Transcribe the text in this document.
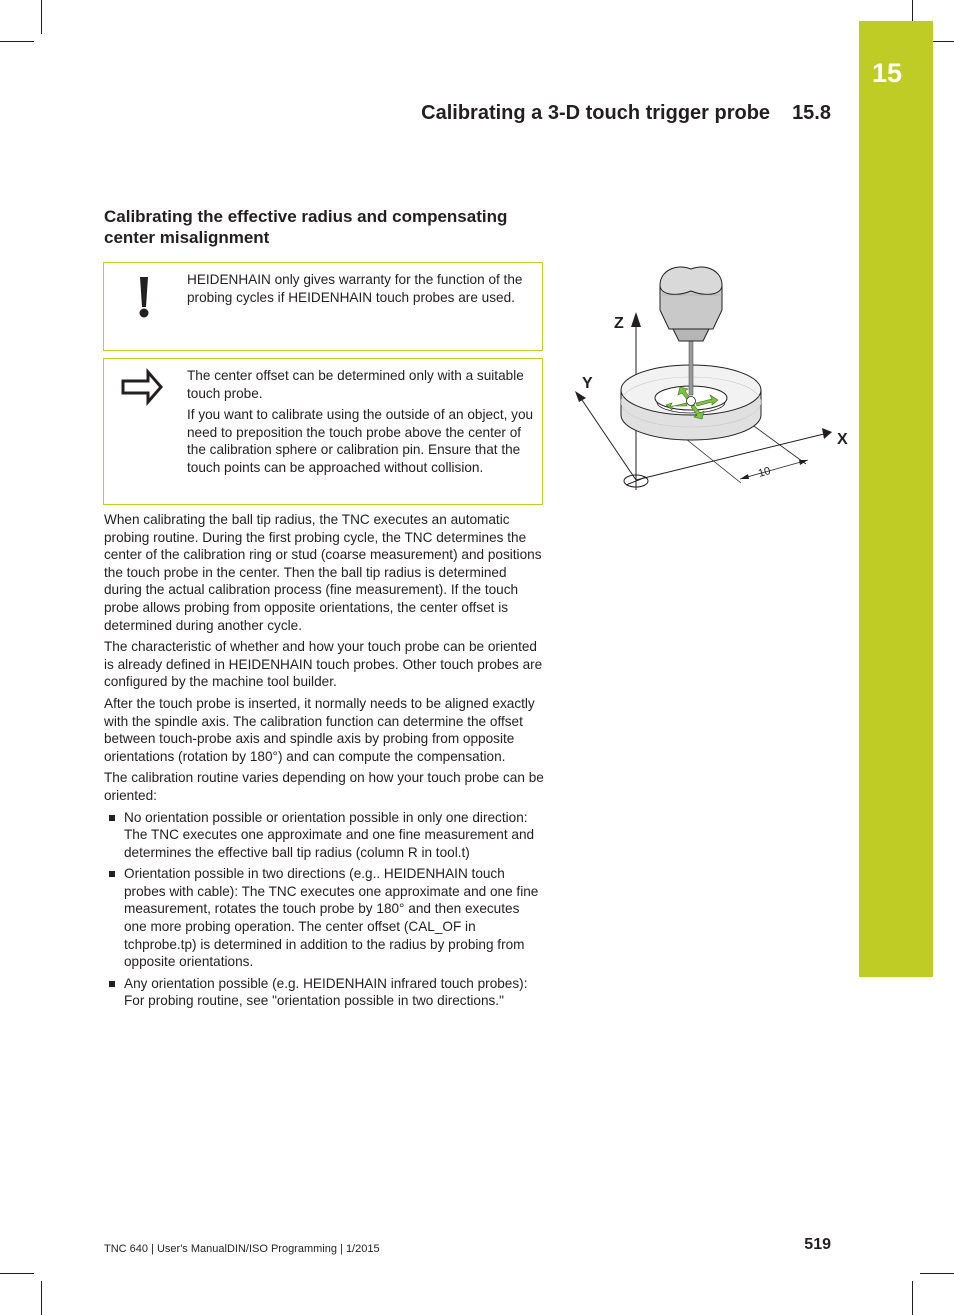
15
Calibrating a 3-D touch trigger probe 15.8
Calibrating the effective radius and compensating center misalignment
HEIDENHAIN only gives warranty for the function of the probing cycles if HEIDENHAIN touch probes are used.

The center offset can be determined only with a suitable touch probe.

If you want to calibrate using the outside of an object, you need to preposition the touch probe above the center of the calibration sphere or calibration pin. Ensure that the touch points can be approached without collision.

Z
Y
X
10

When calibrating the ball tip radius, the TNC executes an automatic probing routine. During the first probing cycle, the TNC determines the center of the calibration ring or stud (coarse measurement) and positions the touch probe in the center. Then the ball tip radius is determined during the actual calibration process (fine measurement). If the touch probe allows probing from opposite orientations, the center offset is determined during another cycle.

The characteristic of whether and how your touch probe can be oriented is already defined in HEIDENHAIN touch probes. Other touch probes are configured by the machine tool builder.

After the touch probe is inserted, it normally needs to be aligned exactly with the spindle axis. The calibration function can determine the offset between touch-probe axis and spindle axis by probing from opposite orientations (rotation by 180°) and can compute the compensation.

The calibration routine varies depending on how your touch probe can be oriented:

No orientation possible or orientation possible in only one direction: The TNC executes one approximate and one fine measurement and determines the effective ball tip radius (column R in tool.t)
Orientation possible in two directions (e.g.. HEIDENHAIN touch probes with cable): The TNC executes one approximate and one fine measurement, rotates the touch probe by 180° and then executes one more probing operation. The center offset (CAL_OF in tchprobe.tp) is determined in addition to the radius by probing from opposite orientations.
Any orientation possible (e.g. HEIDENHAIN infrared touch probes): For probing routine, see "orientation possible in two directions."
TNC 640 | User's ManualDIN/ISO Programming | 1/2015	519
